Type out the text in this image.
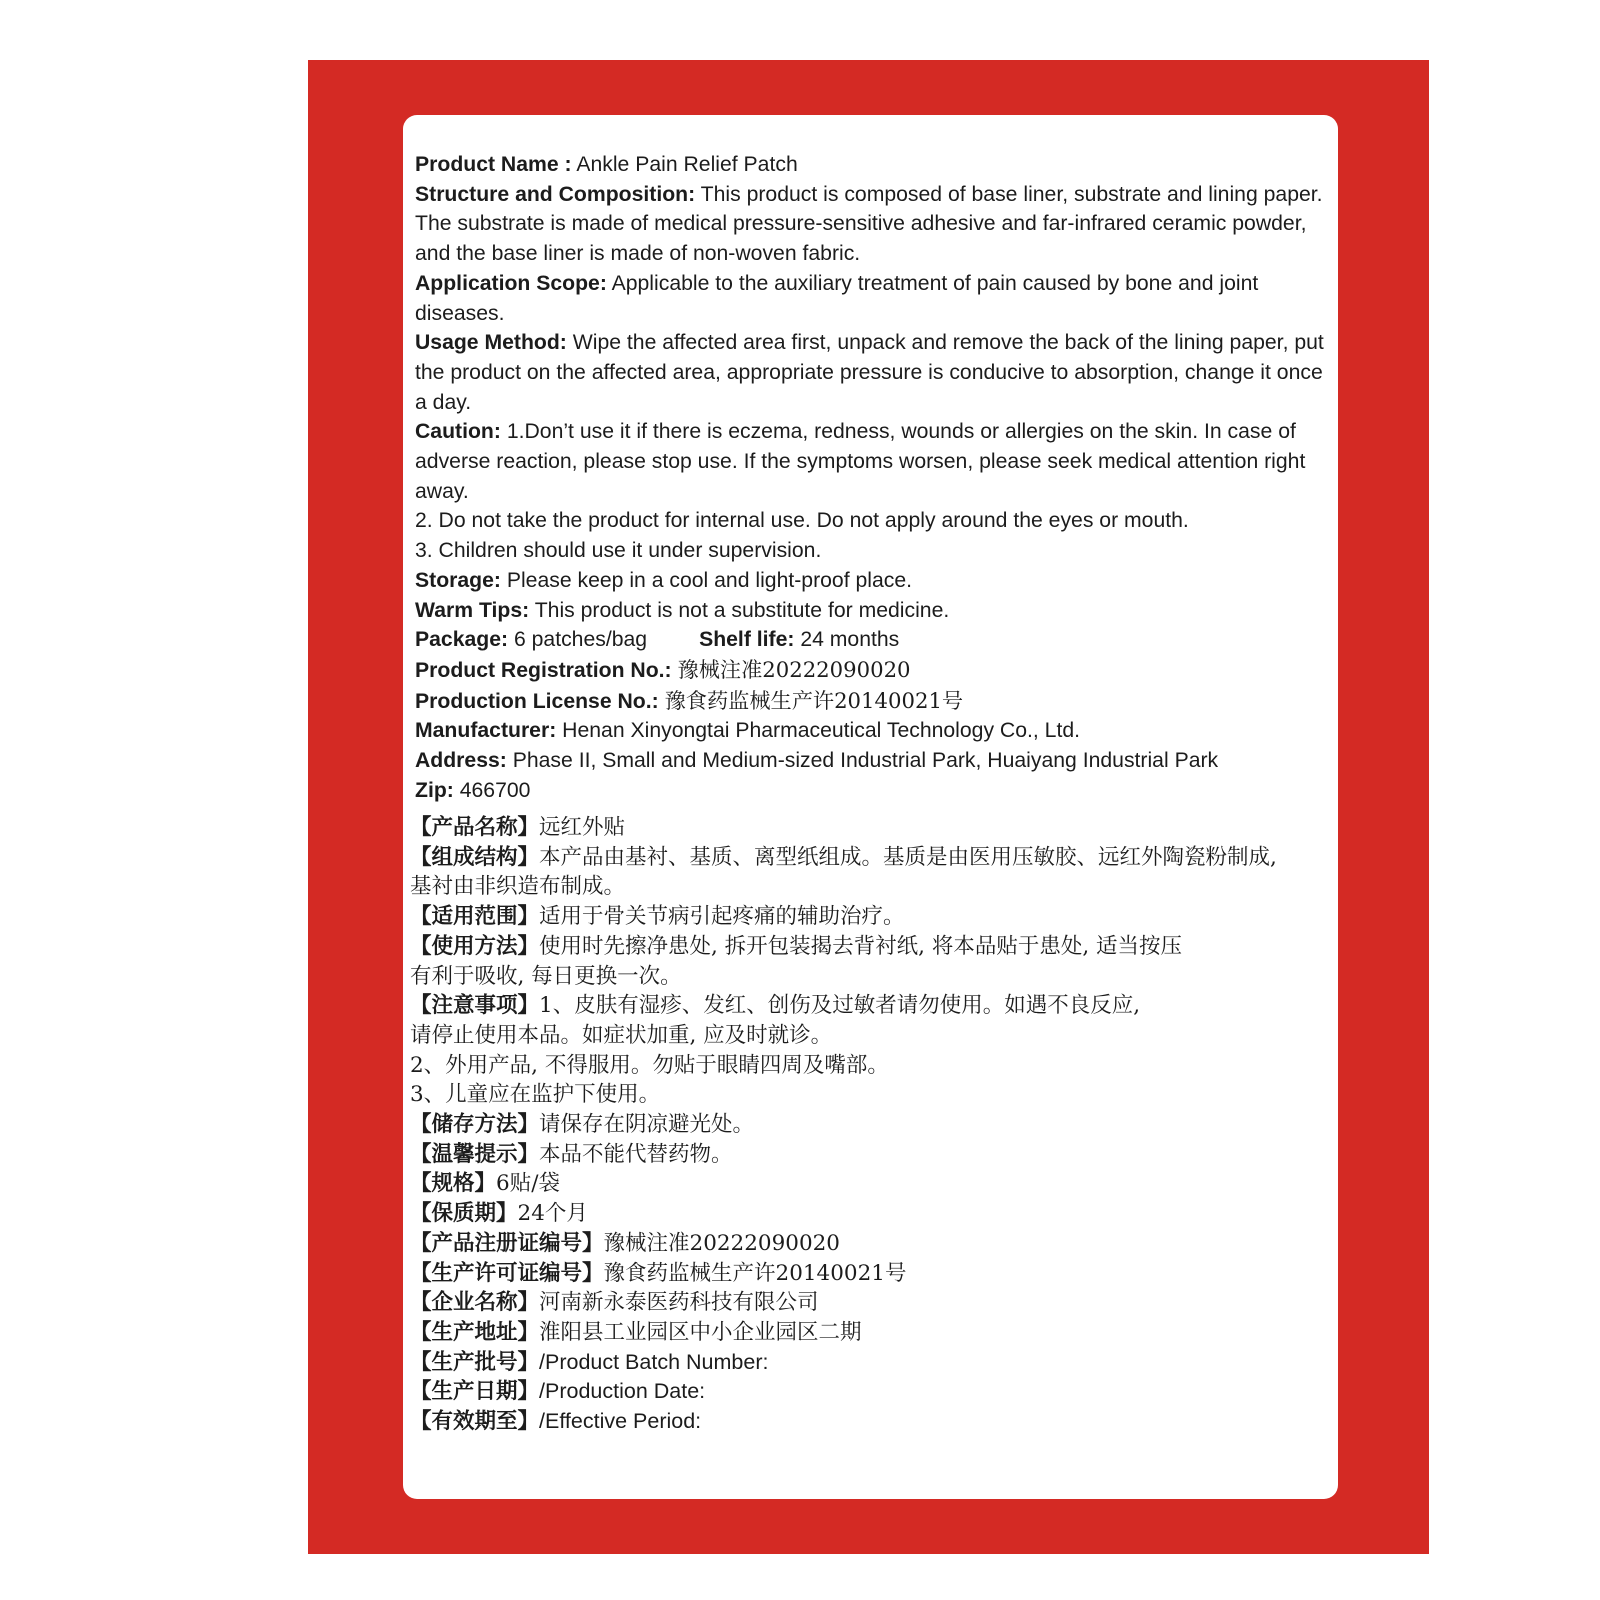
Product Name : Ankle Pain Relief Patch

Structure and Composition: This product is composed of base liner, substrate and lining paper. The substrate is made of medical pressure-sensitive adhesive and far-infrared ceramic powder, and the base liner is made of non-woven fabric.

Application Scope: Applicable to the auxiliary treatment of pain caused by bone and joint diseases.

Usage Method: Wipe the affected area first, unpack and remove the back of the lining paper, put the product on the affected area, appropriate pressure is conducive to absorption, change it once a day.

Caution: 1.Don’t use it if there is eczema, redness, wounds or allergies on the skin. In case of adverse reaction, please stop use. If the symptoms worsen, please seek medical attention right away.

2. Do not take the product for internal use. Do not apply around the eyes or mouth.

3. Children should use it under supervision.

Storage: Please keep in a cool and light-proof place.

Warm Tips: This product is not a substitute for medicine.

Package: 6 patches/bag Shelf life: 24 months

Product Registration No.: 豫械注准20222090020

Production License No.: 豫食药监械生产许20140021号

Manufacturer: Henan Xinyongtai Pharmaceutical Technology Co., Ltd.

Address: Phase II, Small and Medium-sized Industrial Park, Huaiyang Industrial Park

Zip: 466700

【产品名称】远红外贴

【组成结构】本产品由基衬、基质、离型纸组成。基质是由医用压敏胶、远红外陶瓷粉制成,

基衬由非织造布制成。

【适用范围】适用于骨关节病引起疼痛的辅助治疗。

【使用方法】使用时先擦净患处, 拆开包装揭去背衬纸, 将本品贴于患处, 适当按压

有利于吸收, 每日更换一次。

【注意事项】1、皮肤有湿疹、发红、创伤及过敏者请勿使用。如遇不良反应,

请停止使用本品。如症状加重, 应及时就诊。

2、外用产品, 不得服用。勿贴于眼睛四周及嘴部。

3、儿童应在监护下使用。

【储存方法】请保存在阴凉避光处。

【温馨提示】本品不能代替药物。

【规格】6贴/袋

【保质期】24个月

【产品注册证编号】豫械注准20222090020

【生产许可证编号】豫食药监械生产许20140021号

【企业名称】河南新永泰医药科技有限公司

【生产地址】淮阳县工业园区中小企业园区二期

【生产批号】/Product Batch Number:

【生产日期】/Production Date:

【有效期至】/Effective Period:
